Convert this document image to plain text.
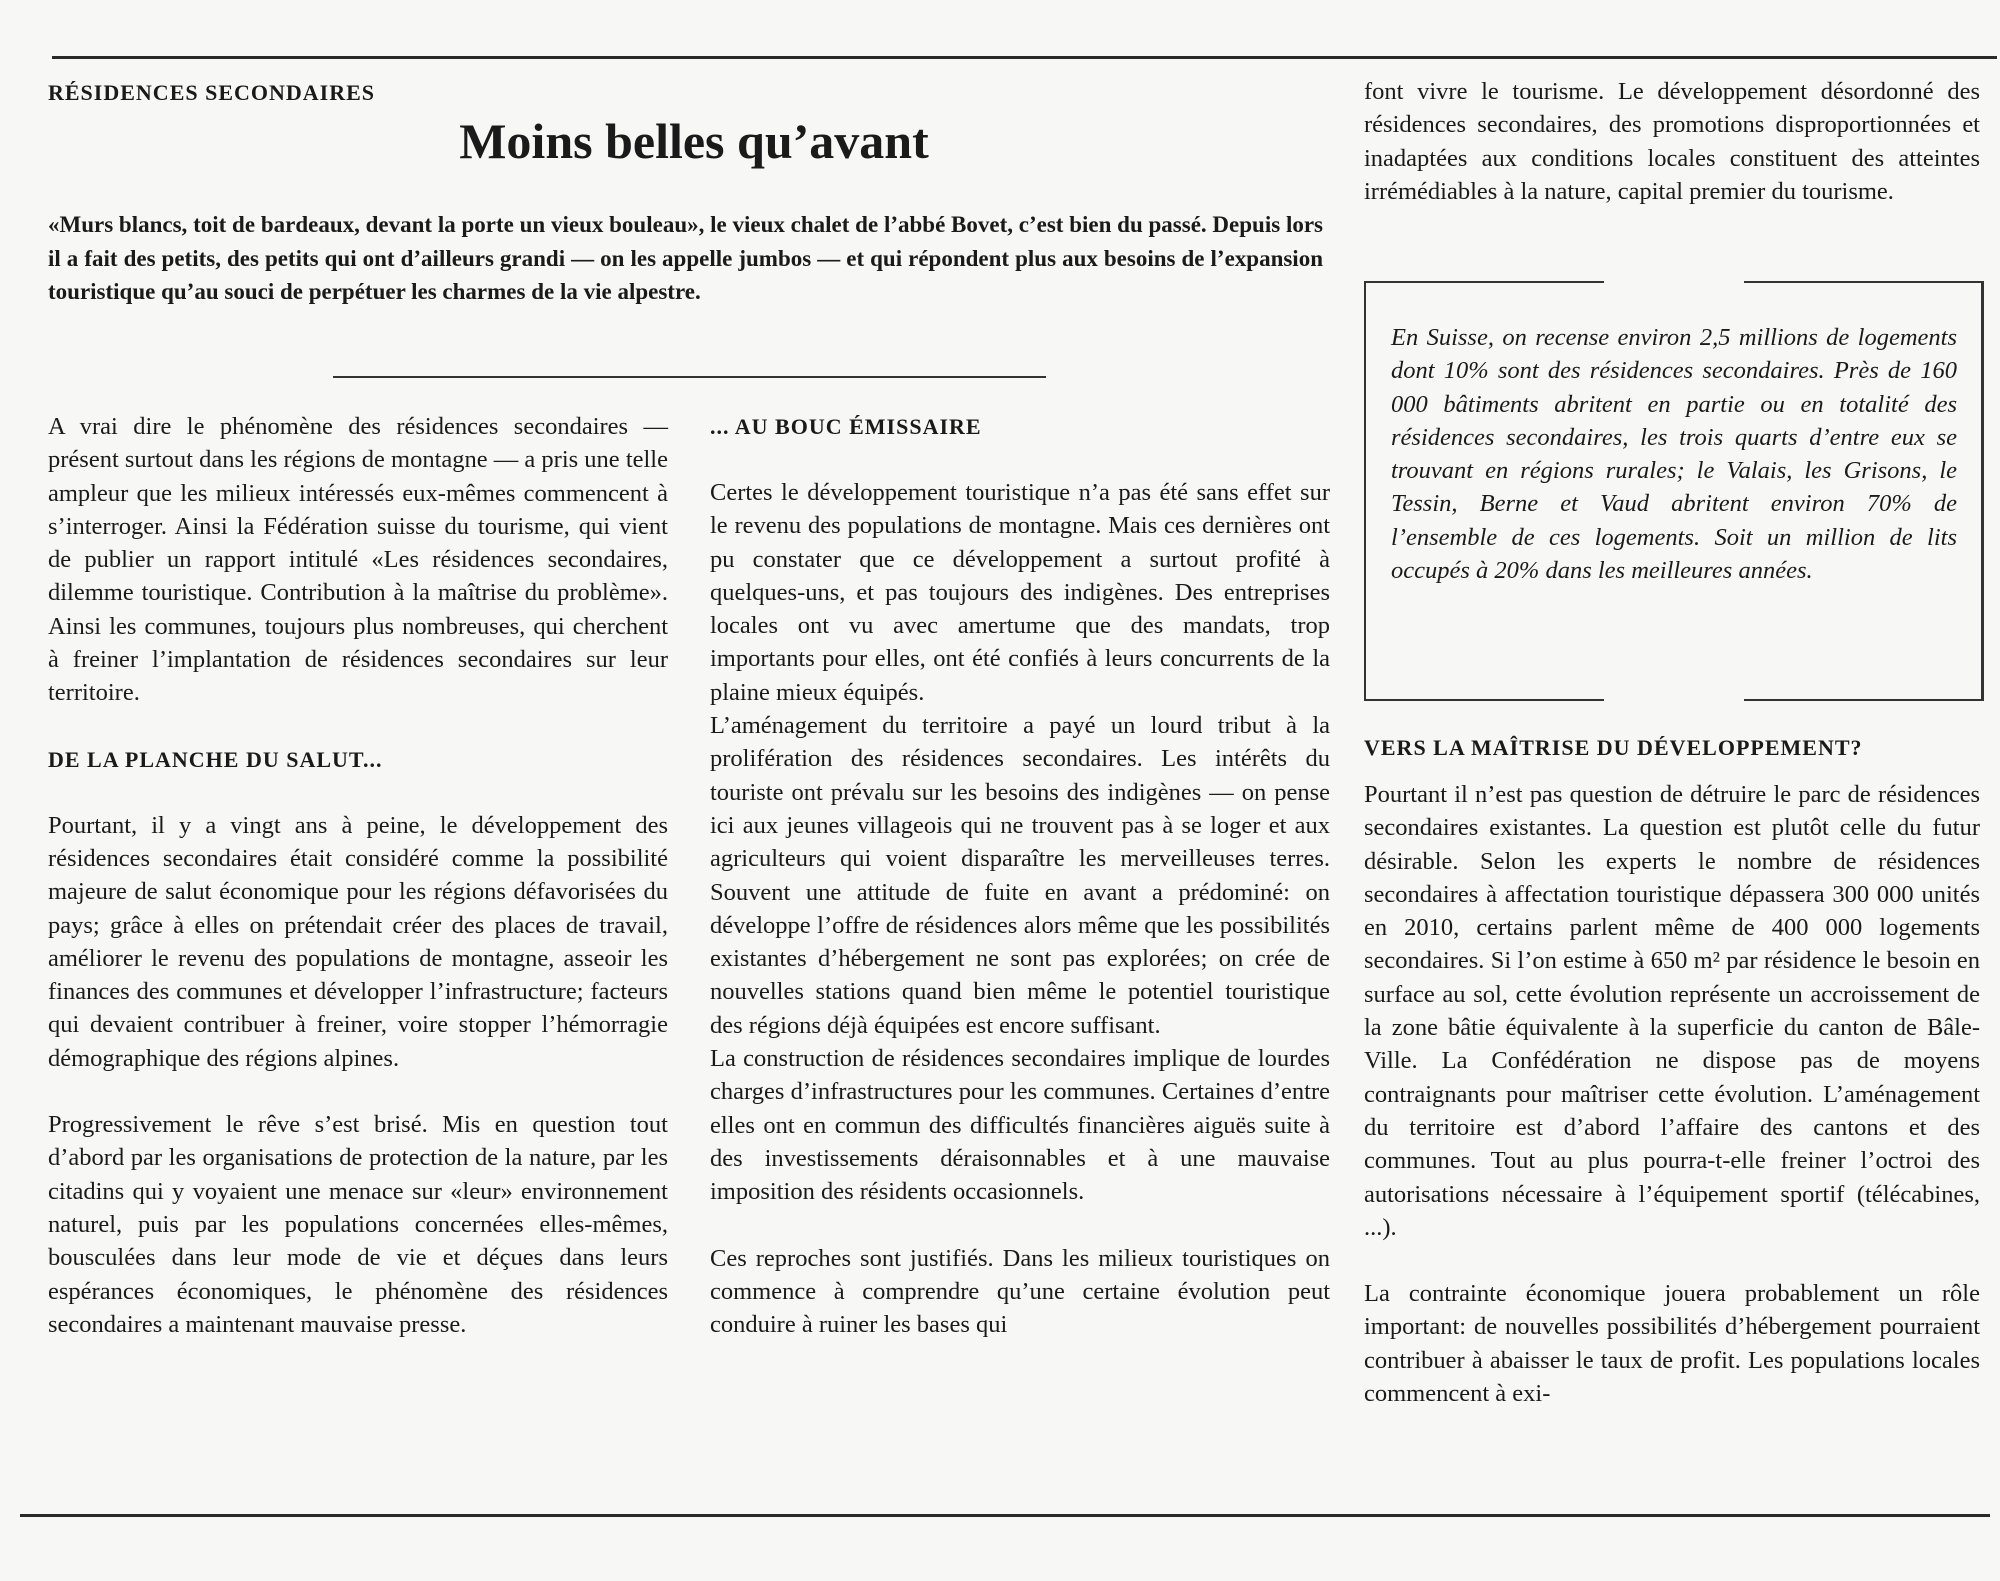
RÉSIDENCES SECONDAIRES
Moins belles qu’avant

«Murs blancs, toit de bardeaux, devant la porte un vieux bouleau», le vieux chalet de l’abbé Bovet, c’est bien du passé. Depuis lors il a fait des petits, des petits qui ont d’ailleurs grandi — on les appelle jumbos — et qui répondent plus aux besoins de l’expansion touristique qu’au souci de perpétuer les charmes de la vie alpestre.

A vrai dire le phénomène des résidences secondaires — présent surtout dans les régions de montagne — a pris une telle ampleur que les milieux intéressés eux-mêmes commencent à s’interroger. Ainsi la Fédération suisse du tourisme, qui vient de publier un rapport intitulé «Les résidences secondaires, dilemme touristique. Contribution à la maîtrise du problème». Ainsi les communes, toujours plus nombreuses, qui cherchent à freiner l’implantation de résidences secondaires sur leur territoire.

DE LA PLANCHE DU SALUT...

Pourtant, il y a vingt ans à peine, le développement des résidences secondaires était considéré comme la possibilité majeure de salut économique pour les régions défavorisées du pays; grâce à elles on prétendait créer des places de travail, améliorer le revenu des populations de montagne, asseoir les finances des communes et développer l’infrastructure; facteurs qui devaient contribuer à freiner, voire stopper l’hémorragie démographique des régions alpines.

Progressivement le rêve s’est brisé. Mis en question tout d’abord par les organisations de protection de la nature, par les citadins qui y voyaient une menace sur «leur» environnement naturel, puis par les populations concernées elles-mêmes, bousculées dans leur mode de vie et déçues dans leurs espérances économiques, le phénomène des résidences secondaires a maintenant mauvaise presse.

... AU BOUC ÉMISSAIRE

Certes le développement touristique n’a pas été sans effet sur le revenu des populations de montagne. Mais ces dernières ont pu constater que ce développement a surtout profité à quelques-uns, et pas toujours des indigènes. Des entreprises locales ont vu avec amertume que des mandats, trop importants pour elles, ont été confiés à leurs concurrents de la plaine mieux équipés.

L’aménagement du territoire a payé un lourd tribut à la prolifération des résidences secondaires. Les intérêts du touriste ont prévalu sur les besoins des indigènes — on pense ici aux jeunes villageois qui ne trouvent pas à se loger et aux agriculteurs qui voient disparaître les merveilleuses terres. Souvent une attitude de fuite en avant a prédominé: on développe l’offre de résidences alors même que les possibilités existantes d’hébergement ne sont pas explorées; on crée de nouvelles stations quand bien même le potentiel touristique des régions déjà équipées est encore suffisant.

La construction de résidences secondaires implique de lourdes charges d’infrastructures pour les communes. Certaines d’entre elles ont en commun des difficultés financières aiguës suite à des investissements déraisonnables et à une mauvaise imposition des résidents occasionnels.

Ces reproches sont justifiés. Dans les milieux touristiques on commence à comprendre qu’une certaine évolution peut conduire à ruiner les bases qui

font vivre le tourisme. Le développement désordonné des résidences secondaires, des promotions disproportionnées et inadaptées aux conditions locales constituent des atteintes irrémédiables à la nature, capital premier du tourisme.

En Suisse, on recense environ 2,5 millions de logements dont 10% sont des résidences secondaires. Près de 160 000 bâtiments abritent en partie ou en totalité des résidences secondaires, les trois quarts d’entre eux se trouvant en régions rurales; le Valais, les Grisons, le Tessin, Berne et Vaud abritent environ 70% de l’ensemble de ces logements. Soit un million de lits occupés à 20% dans les meilleures années.

VERS LA MAÎTRISE DU DÉVELOPPEMENT?

Pourtant il n’est pas question de détruire le parc de résidences secondaires existantes. La question est plutôt celle du futur désirable. Selon les experts le nombre de résidences secondaires à affectation touristique dépassera 300 000 unités en 2010, certains parlent même de 400 000 logements secondaires. Si l’on estime à 650 m² par résidence le besoin en surface au sol, cette évolution représente un accroissement de la zone bâtie équivalente à la superficie du canton de Bâle-Ville. La Confédération ne dispose pas de moyens contraignants pour maîtriser cette évolution. L’aménagement du territoire est d’abord l’affaire des cantons et des communes. Tout au plus pourra-t-elle freiner l’octroi des autorisations nécessaire à l’équipement sportif (télécabines, ...).

La contrainte économique jouera probablement un rôle important: de nouvelles possibilités d’hébergement pourraient contribuer à abaisser le taux de profit. Les populations locales commencent à exi-
